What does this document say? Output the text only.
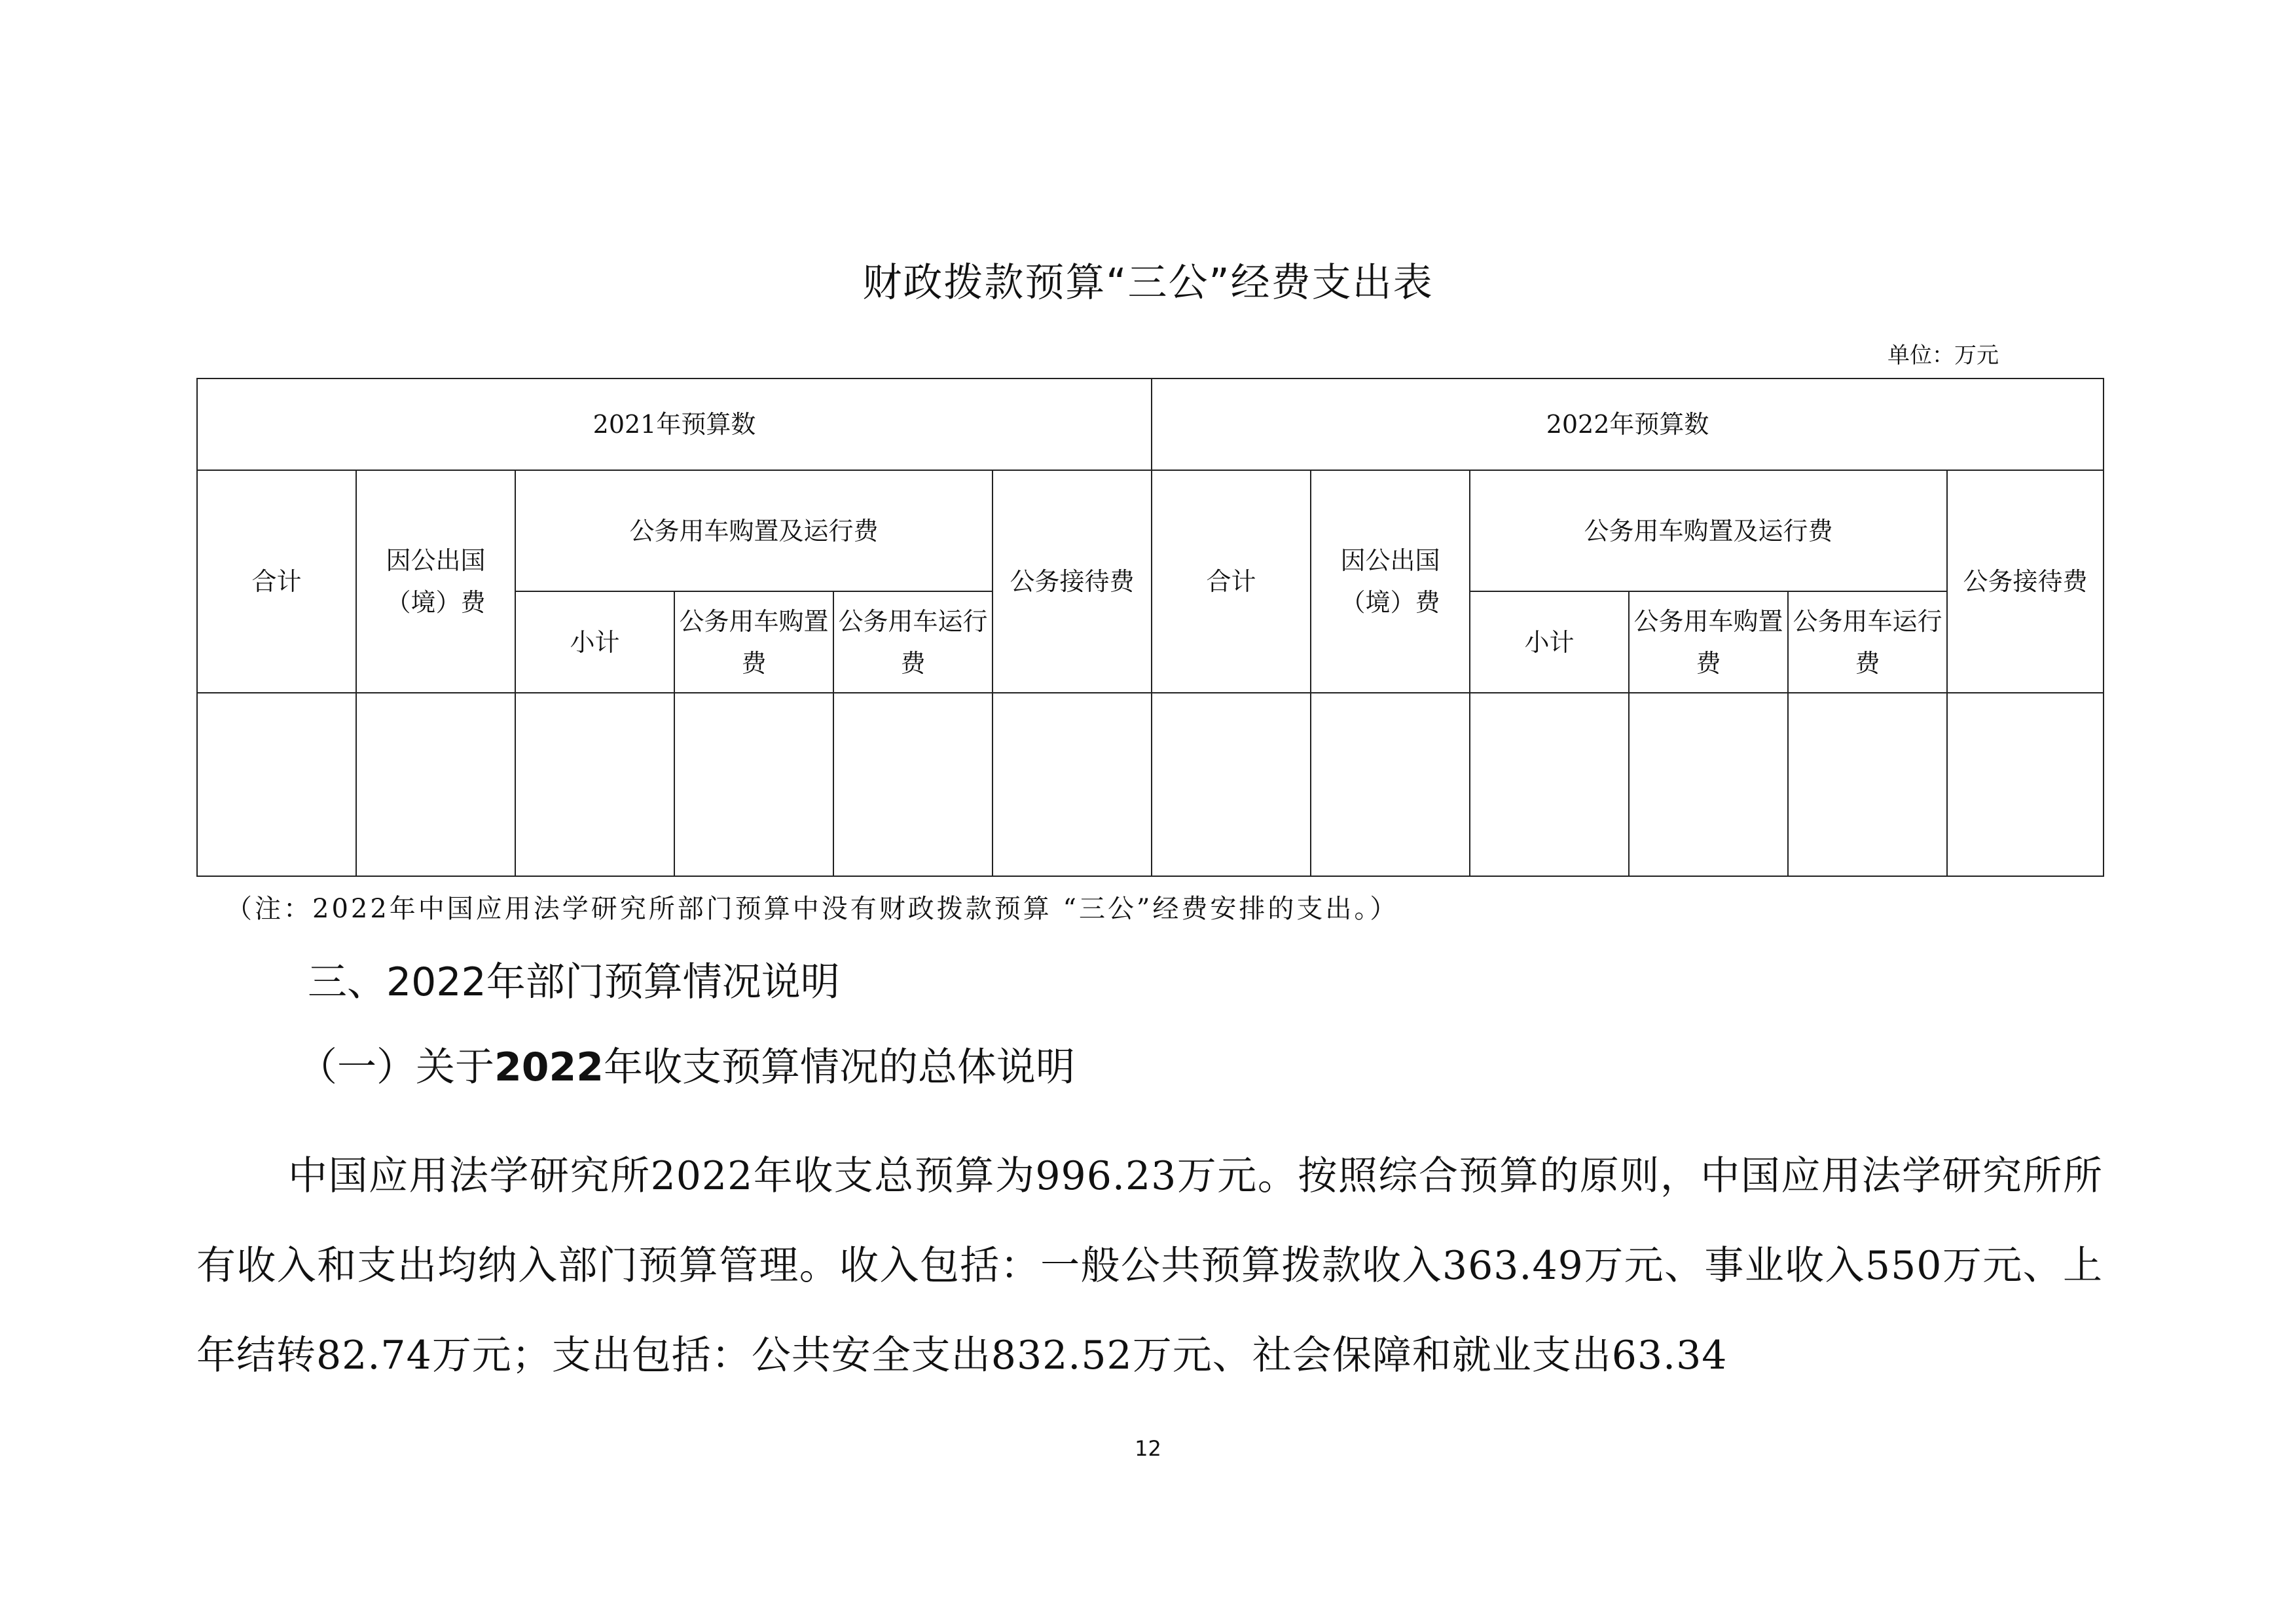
财政拨款预算“三公”经费支出表
单位：万元
2021年预算数						2022年预算数					
合计	因公出国（境）费	公务用车购置及运行费			公务接待费	合计	因公出国（境）费	公务用车购置及运行费			公务接待费
		小计	公务用车购置费	公务用车运行费				小计	公务用车购置费	公务用车运行费	

（注：2022年中国应用法学研究所部门预算中没有财政拨款预算 “三公”经费安排的支出。）
三、2022年部门预算情况说明
（一）关于2022年收支预算情况的总体说明
中国应用法学研究所2022年收支总预算为996.23万元。按照综合预算的原则，中国应用法学研究所所有收入和支出均纳入部门预算管理。收入包括：一般公共预算拨款收入363.49万元、事业收入550万元、上年结转82.74万元；支出包括：公共安全支出832.52万元、社会保障和就业支出63.34
12
